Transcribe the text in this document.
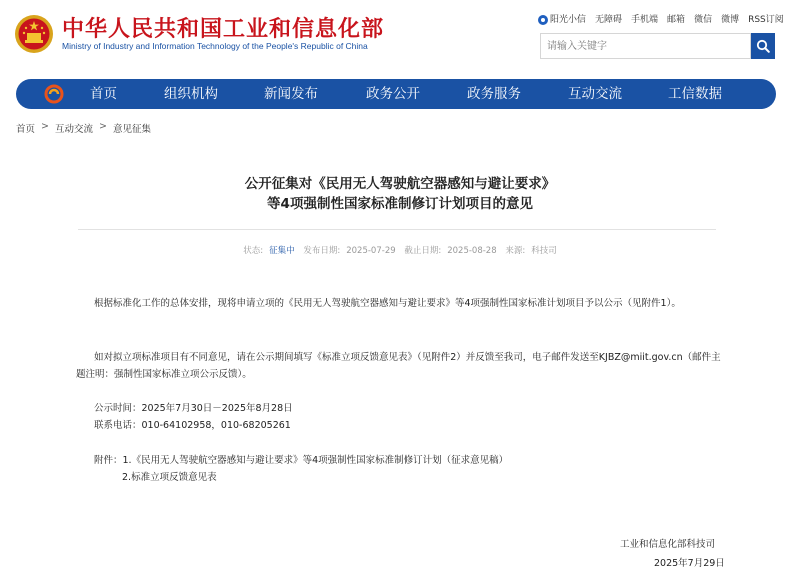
中华人民共和国工业和信息化部
Ministry of Industry and Information Technology of the People's Republic of China
阳光小信 无障碍 手机端 邮箱 微信 微博 RSS订阅
请输入关键字
首页	组织机构	新闻发布	政务公开	政务服务	互动交流	工信数据
首页 > 互动交流 > 意见征集
公开征集对《民用无人驾驶航空器感知与避让要求》
等4项强制性国家标准制修订计划项目的意见
状态: 征集中 发布日期: 2025-07-29 截止日期: 2025-08-28 来源: 科技司
根据标准化工作的总体安排，现将申请立项的《民用无人驾驶航空器感知与避让要求》等4项强制性国家标准计划项目予以公示（见附件1）。
如对拟立项标准项目有不同意见，请在公示期间填写《标准立项反馈意见表》（见附件2）并反馈至我司，电子邮件发送至KJBZ@miit.gov.cn（邮件主
题注明：强制性国家标准立项公示反馈）。
公示时间：2025年7月30日－2025年8月28日
联系电话：010-64102958，010-68205261
附件：1.《民用无人驾驶航空器感知与避让要求》等4项强制性国家标准制修订计划（征求意见稿）
2.标准立项反馈意见表
工业和信息化部科技司
2025年7月29日
